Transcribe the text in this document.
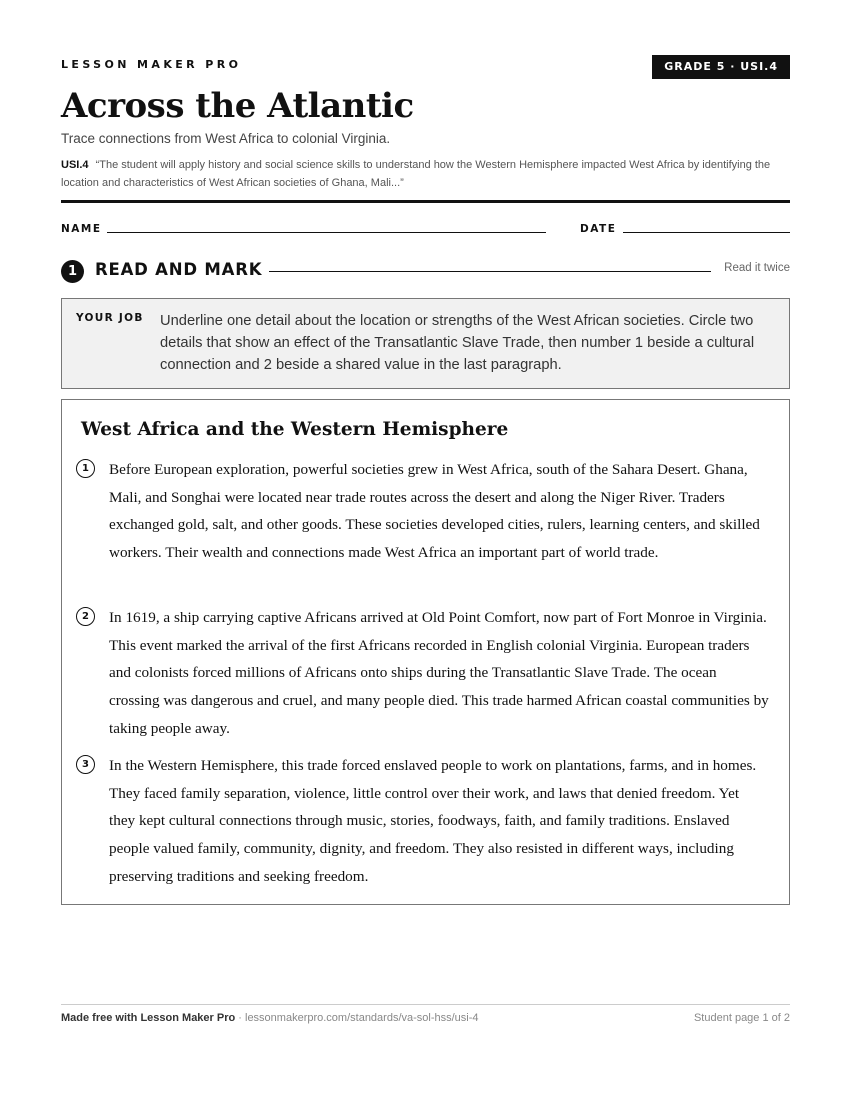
LESSON MAKER PRO	GRADE 5 · USI.4
Across the Atlantic
Trace connections from West Africa to colonial Virginia.
USI.4 “The student will apply history and social science skills to understand how the Western Hemisphere impacted West Africa by identifying the location and characteristics of West African societies of Ghana, Mali...”
NAME	DATE
1	READ AND MARK	Read it twice
YOUR JOB Underline one detail about the location or strengths of the West African societies. Circle two details that show an effect of the Transatlantic Slave Trade, then number 1 beside a cultural connection and 2 beside a shared value in the last paragraph.
West Africa and the Western Hemisphere
1	Before European exploration, powerful societies grew in West Africa, south of the Sahara Desert. Ghana, Mali, and Songhai were located near trade routes across the desert and along the Niger River. Traders exchanged gold, salt, and other goods. These societies developed cities, rulers, learning centers, and skilled workers. Their wealth and connections made West Africa an important part of world trade.

2	In 1619, a ship carrying captive Africans arrived at Old Point Comfort, now part of Fort Monroe in Virginia. This event marked the arrival of the first Africans recorded in English colonial Virginia. European traders and colonists forced millions of Africans onto ships during the Transatlantic Slave Trade. The ocean crossing was dangerous and cruel, and many people died. This trade harmed African coastal communities by taking people away.

3	In the Western Hemisphere, this trade forced enslaved people to work on plantations, farms, and in homes. They faced family separation, violence, little control over their work, and laws that denied freedom. Yet they kept cultural connections through music, stories, foodways, faith, and family traditions. Enslaved people valued family, community, dignity, and freedom. They also resisted in different ways, including preserving traditions and seeking freedom.

Made free with Lesson Maker Pro · lessonmakerpro.com/standards/va-sol-hss/usi-4	Student page 1 of 2
